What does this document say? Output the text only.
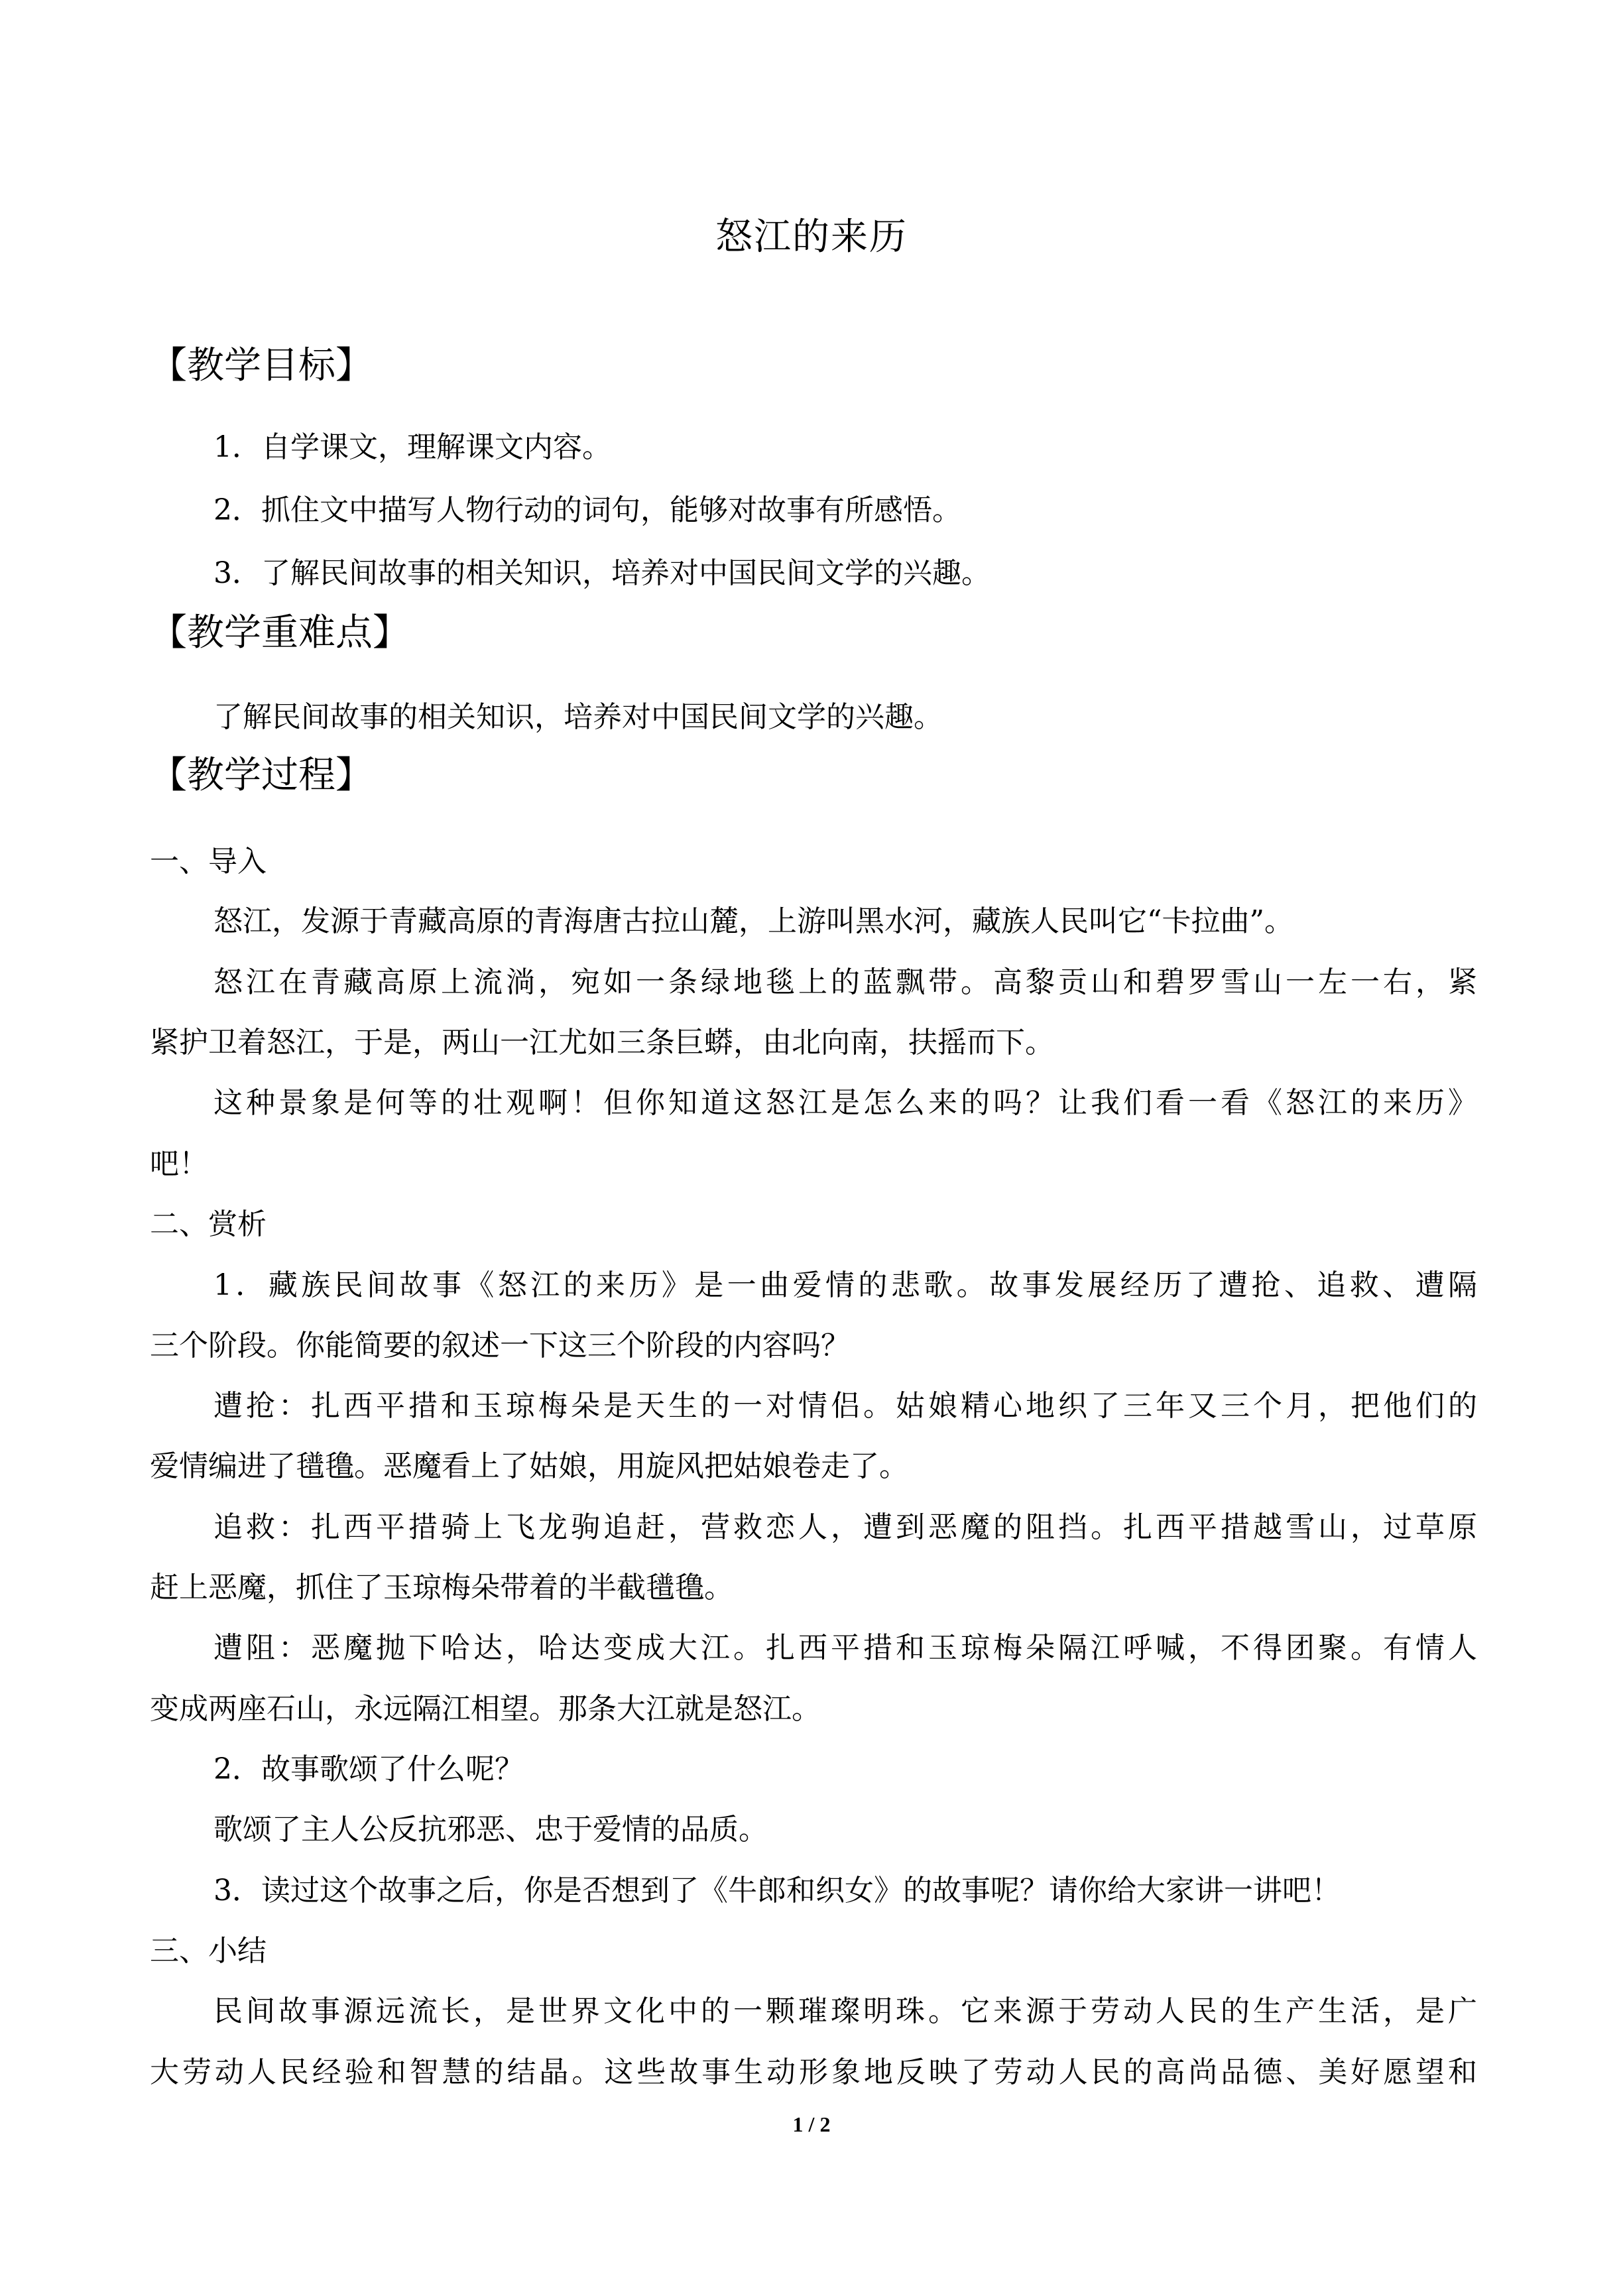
怒江的来历
【教学目标】
1．自学课文，理解课文内容。
2．抓住文中描写人物行动的词句，能够对故事有所感悟。
3．了解民间故事的相关知识，培养对中国民间文学的兴趣。
【教学重难点】
了解民间故事的相关知识，培养对中国民间文学的兴趣。
【教学过程】
一、导入
怒江，发源于青藏高原的青海唐古拉山麓，上游叫黑水河，藏族人民叫它“卡拉曲”。
怒江在青藏高原上流淌，宛如一条绿地毯上的蓝飘带。高黎贡山和碧罗雪山一左一右，紧
紧护卫着怒江，于是，两山一江尤如三条巨蟒，由北向南，扶摇而下。
这种景象是何等的壮观啊！但你知道这怒江是怎么来的吗？让我们看一看《怒江的来历》
吧！
二、赏析
1．藏族民间故事《怒江的来历》是一曲爱情的悲歌。故事发展经历了遭抢、追救、遭隔
三个阶段。你能简要的叙述一下这三个阶段的内容吗？
遭抢：扎西平措和玉琼梅朵是天生的一对情侣。姑娘精心地织了三年又三个月，把他们的
爱情编进了氆氇。恶魔看上了姑娘，用旋风把姑娘卷走了。
追救：扎西平措骑上飞龙驹追赶，营救恋人，遭到恶魔的阻挡。扎西平措越雪山，过草原
赶上恶魔，抓住了玉琼梅朵带着的半截氆氇。
遭阻：恶魔抛下哈达，哈达变成大江。扎西平措和玉琼梅朵隔江呼喊，不得团聚。有情人
变成两座石山，永远隔江相望。那条大江就是怒江。
2．故事歌颂了什么呢？
歌颂了主人公反抗邪恶、忠于爱情的品质。
3．读过这个故事之后，你是否想到了《牛郎和织女》的故事呢？请你给大家讲一讲吧！
三、小结
民间故事源远流长，是世界文化中的一颗璀璨明珠。它来源于劳动人民的生产生活，是广
大劳动人民经验和智慧的结晶。这些故事生动形象地反映了劳动人民的高尚品德、美好愿望和
1 / 2
